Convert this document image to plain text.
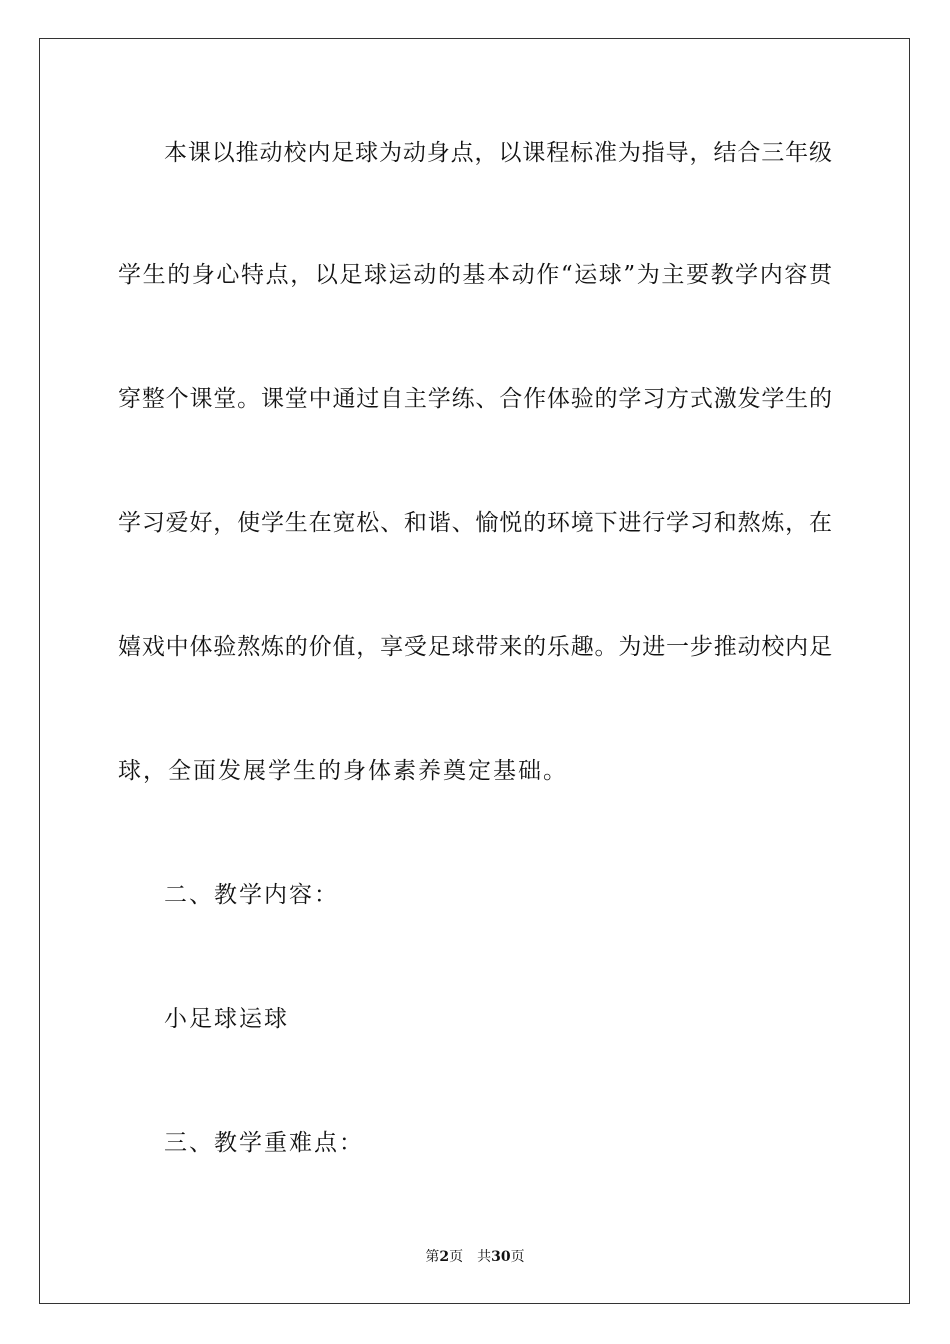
本课以推动校内足球为动身点，以课程标准为指导，结合三年级
学生的身心特点，以足球运动的基本动作“运球”为主要教学内容贯
穿整个课堂。课堂中通过自主学练、合作体验的学习方式激发学生的
学习爱好，使学生在宽松、和谐、愉悦的环境下进行学习和熬炼，在
嬉戏中体验熬炼的价值，享受足球带来的乐趣。为进一步推动校内足
球，全面发展学生的身体素养奠定基础。
二、教学内容：
小足球运球
三、教学重难点：
第2页 共30页
